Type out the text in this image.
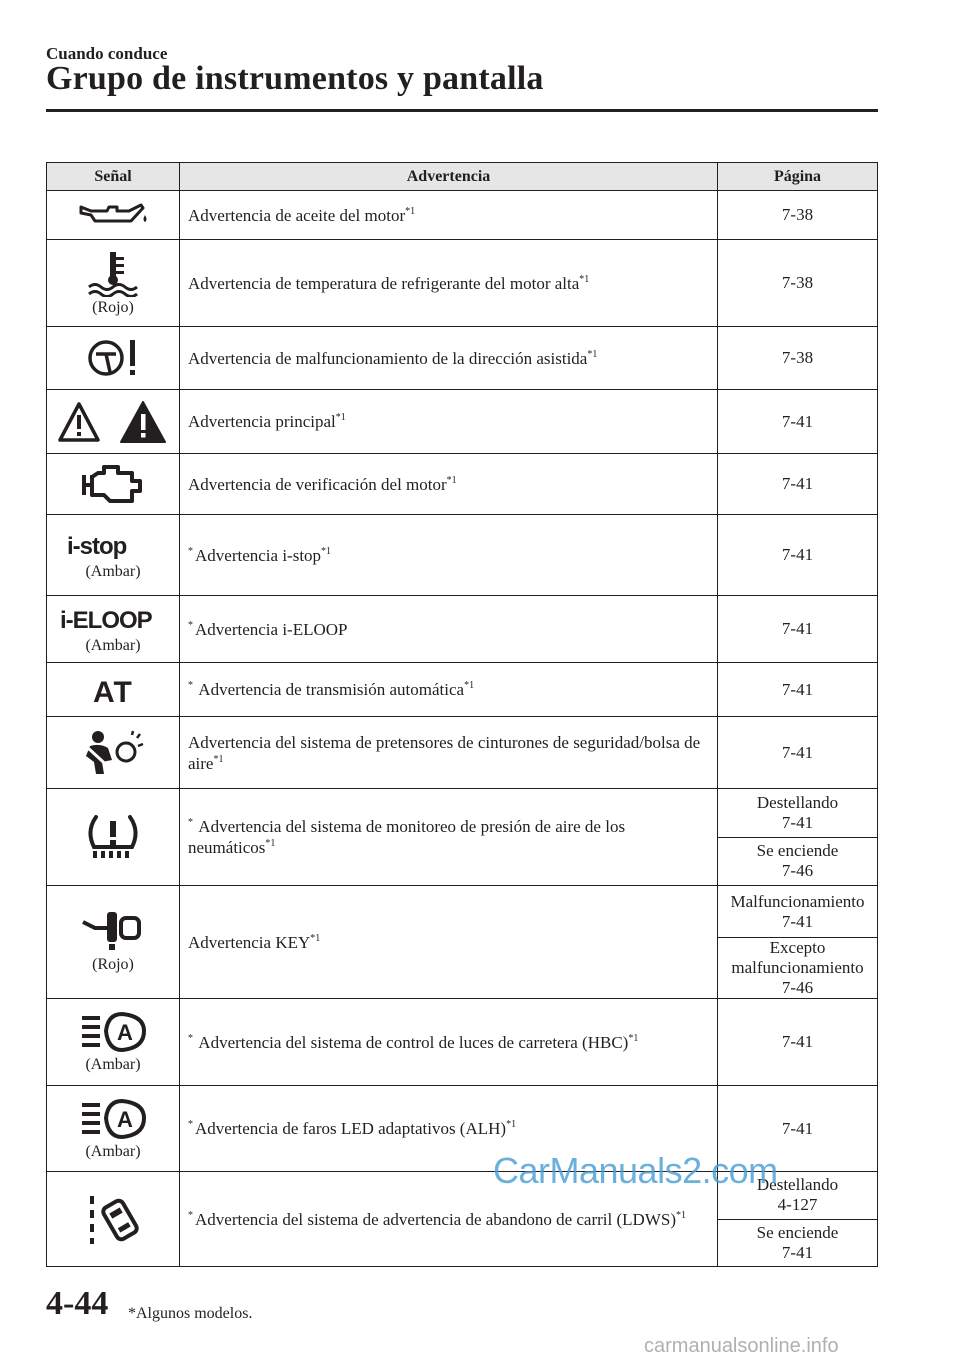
Cuando conduce
Grupo de instrumentos y pantalla
Señal	Advertencia	Página

	Advertencia de aceite del motor$^{*1}$	7-38

(Rojo)	Advertencia de temperatura de refrigerante del motor alta$^{*1}$	7-38

	Advertencia de malfuncionamiento de la dirección asistida$^{*1}$	7-38

	Advertencia principal$^{*1}$	7-41

	Advertencia de verificación del motor$^{*1}$	7-41

i-stop
(Ambar)	* Advertencia i-stop$^{*1}$	7-41

i-ELOOP
(Ambar)	* Advertencia i-ELOOP	7-41

AT	* Advertencia de transmisión automática$^{*1}$	7-41

	Advertencia del sistema de pretensores de cinturones de seguridad/bolsa de aire$^{*1}$	7-41

	* Advertencia del sistema de monitoreo de presión de aire de los neumáticos$^{*1}$	Destellando
7-41
		Se enciende
7-46

(Rojo)	Advertencia KEY$^{*1}$	Malfuncionamiento
7-41
		Excepto
malfuncionamiento
7-46

A
(Ambar)	* Advertencia del sistema de control de luces de carretera (HBC)$^{*1}$	7-41

A
(Ambar)	* Advertencia de faros LED adaptativos (ALH)$^{*1}$	7-41

	* Advertencia del sistema de advertencia de abandono de carril (LDWS)$^{*1}$	Destellando
4-127
		Se enciende
7-41
CarManuals2.com
4-44 *Algunos modelos.
carmanualsonline.info
